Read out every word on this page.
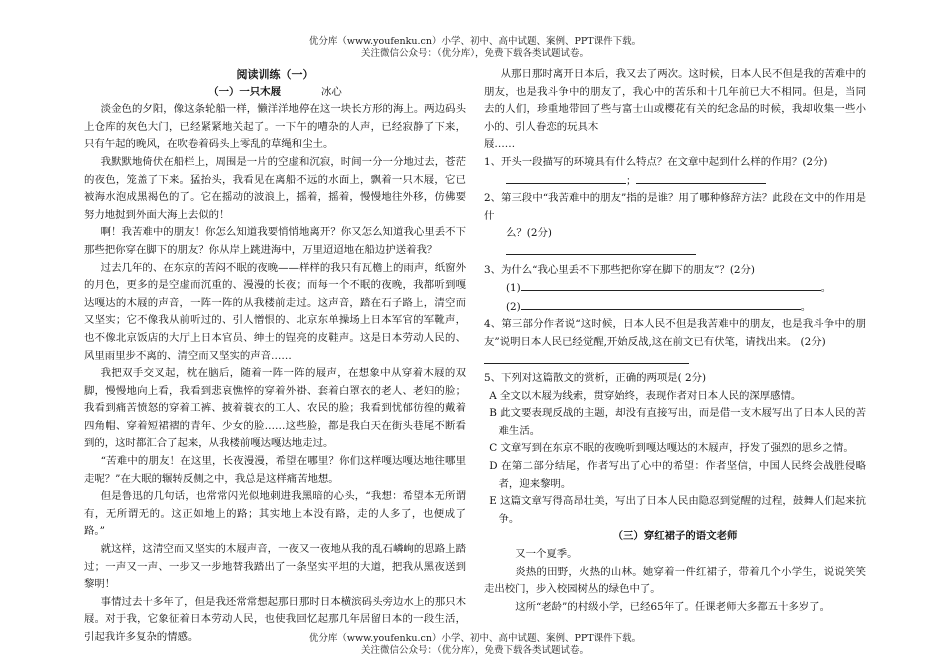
优分库（www.youfenku.cn）小学、初中、高中试题、案例、PPT课件下载。
关注微信公众号：（优分库），免费下载各类试题试卷。

阅读训练（一）

（一）一只木屐	冰心

淡金色的夕阳，像这条轮船一样，懒洋洋地停在这一块长方形的海上。两边码头上仓库的灰色大门，已经紧紧地关起了。一下午的嘈杂的人声，已经寂静了下来，只有午起的晚风，在吹卷着码头上零乱的草绳和尘土。

我默默地倚伏在船栏上，周围是一片的空虚和沉寂，时间一分一分地过去，苍茫的夜色，笼盖了下来。猛抬头，我看见在离船不远的水面上，飘着一只木屐，它已被海水泡成黑褐色的了。它在摇动的波浪上，摇着，摇着，慢慢地往外移，仿佛要努力地挝到外面大海上去似的！

啊！我苦难中的朋友！你怎么知道我要悄悄地离开？你又怎么知道我心里丢不下那些把你穿在脚下的朋友？你从岸上跳进海中，万里迢迢地在船边护送着我？

过去几年的、在东京的苦闷不眠的夜晚——样样的我只有瓦檐上的雨声，纸窗外的月色，更多的是空虚而沉重的、漫漫的长夜；而每一个不眠的夜晚，我都听到嘎达嘎达的木屐的声音，一阵一阵的从我楼前走过。这声音，踏在石子路上，清空而又坚实；它不像我从前听过的、引人憎恨的、北京东单操场上日本军官的军靴声，也不像北京饭店的大厅上日本官员、绅士的锃亮的皮鞋声。这是日本劳动人民的、风里雨里步不离的、清空而又坚实的声音……

我把双手交叉起，枕在脑后，随着一阵一阵的屐声，在想象中从穿着木屐的双脚，慢慢地向上看，我看到悲哀憔悴的穿着外褂、套着白罩衣的老人、老妇的脸；我看到痛苦愤怒的穿着工裤、披着蓑衣的工人、农民的脸；我看到忧郁彷徨的戴着四角帽、穿着短裙褶的青年、少女的脸……这些脸，都是我白天在街头巷尾不断看到的，这时都汇合了起来，从我楼前嘎达嘎达地走过。

“苦难中的朋友！在这里，长夜漫漫，希望在哪里？你们这样嘎达嘎达地往哪里走呢？”在大眠的辗转反侧之中，我总是这样痛苦地想。

但是鲁迅的几句话，也常常闪光似地刺进我黑暗的心头，“我想：希望本无所谓有，无所谓无的。这正如地上的路；其实地上本没有路，走的人多了，也便成了路。”

就这样，这清空而又坚实的木屐声音，一夜又一夜地从我的乱石嶙峋的思路上踏过；一声又一声、一步又一步地替我踏出了一条坚实平坦的大道，把我从黑夜送到黎明！

事情过去十多年了，但是我还常常想起那日那时日本横滨码头旁边水上的那只木屐。对于我，它象征着日本劳动人民，也使我回忆起那几年居留日本的一段生活，引起我许多复杂的情感。

从那日那时离开日本后，我又去了两次。这时候，日本人民不但是我的苦难中的朋友，也是我斗争中的朋友了，我心中的苦乐和十几年前已大不相同。但是，当同去的人们，珍重地带回了些与富士山或樱花有关的纪念品的时候，我却收集一些小小的、引人眷恋的玩具木

屐……

1、开头一段描写的环境具有什么特点？在文章中起到什么样的作用？(2分)

；

2、第三段中“我苦难中的朋友”指的是谁？用了哪种修辞方法？此段在文中的作用是什

么？(2分)

3、为什么“我心里丢不下那些把你穿在脚下的朋友”？(2分)

(1)	。

(2)	。

4、第三部分作者说“这时候，日本人民不但是我苦难中的朋友，也是我斗争中的朋友”说明日本人民已经觉醒,开始反战,这在前文已有伏笔，请找出来。 (2分)

5、下列对这篇散文的赏析，正确的两项是( 2分)

A 全文以木屐为线索，贯穿始终，表现作者对日本人民的深厚感情。

B 此文要表现反战的主题，却没有直接写出，而是借一支木屐写出了日本人民的苦难生活。

C 文章写到在东京不眠的夜晚听到嘎达嘎达的木屐声，抒发了强烈的思乡之情。

D 在第二部分结尾，作者写出了心中的希望：作者坚信，中国人民终会战胜侵略者，迎来黎明。

E 这篇文章写得高昂壮美，写出了日本人民由隐忍到觉醒的过程，鼓舞人们起来抗争。

（三）穿红裙子的语文老师

又一个夏季。

炎热的田野，火热的山林。她穿着一件红裙子，带着几个小学生，说说笑笑走出校门，步入校园树丛的绿色中了。

这所“老龄”的村级小学，已经65年了。任课老师大多都五十多岁了。

优分库（www.youfenku.cn）小学、初中、高中试题、案例、PPT课件下载。
关注微信公众号：（优分库），免费下载各类试题试卷。
